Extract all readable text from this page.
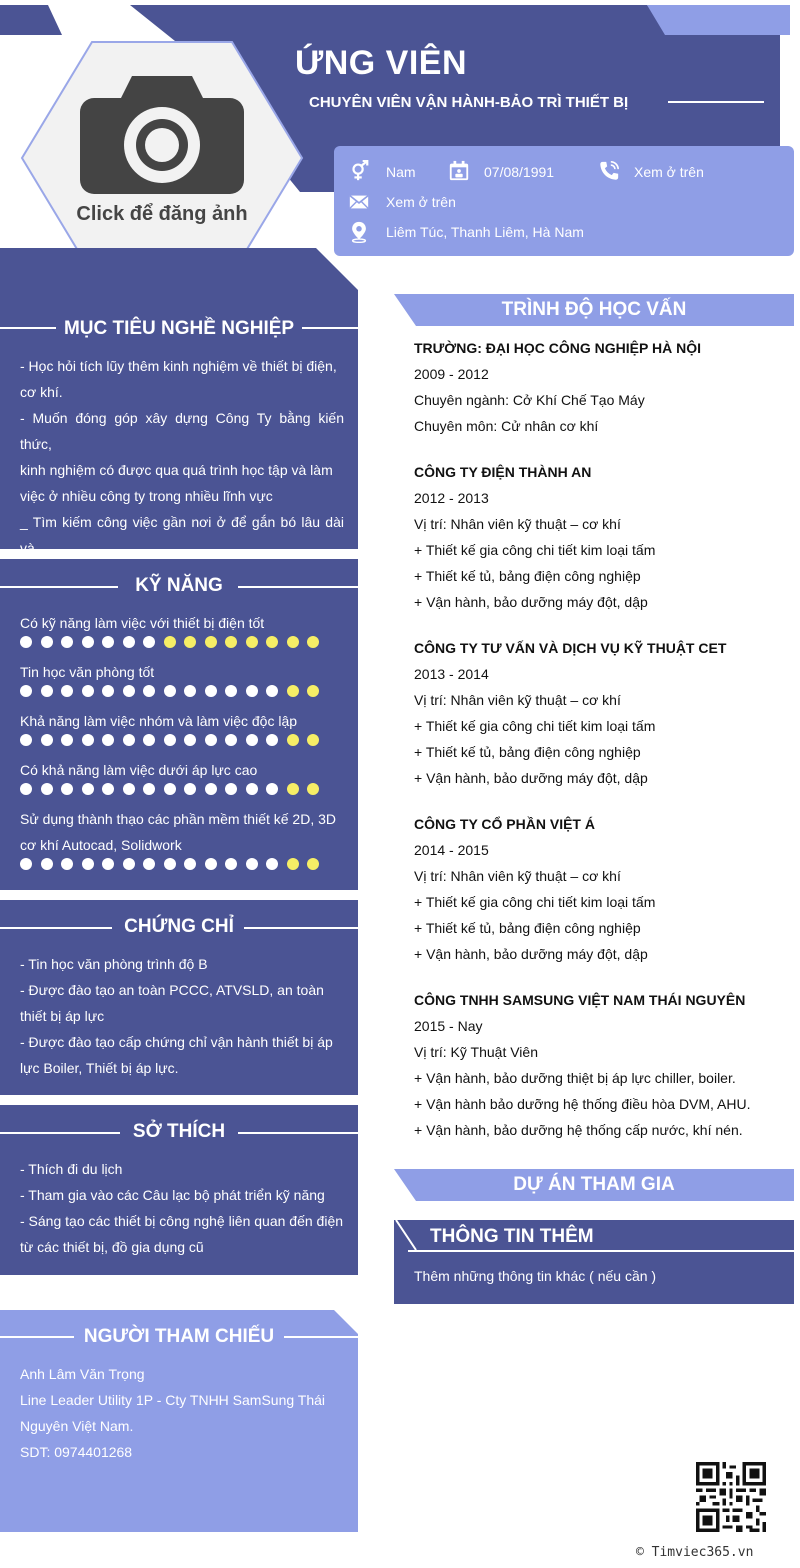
ỨNG VIÊN
CHUYÊN VIÊN VẬN HÀNH-BẢO TRÌ THIẾT BỊ
Nam	07/08/1991	Xem ở trên
Xem ở trên
Liêm Túc, Thanh Liêm, Hà Nam
Click để đăng ảnh
MỤC TIÊU NGHỀ NGHIỆP
- Học hỏi tích lũy thêm kinh nghiệm về thiết bị điện,
cơ khí.
- Muốn đóng góp xây dựng Công Ty bằng kiến thức,
kinh nghiệm có được qua quá trình học tập và làm
việc ở nhiều công ty trong nhiều lĩnh vực
_ Tìm kiếm công việc gần nơi ở để gắn bó lâu dài và
KỸ NĂNG
Có kỹ năng làm việc với thiết bị điện tốt
Tin học văn phòng tốt
Khả năng làm việc nhóm và làm việc độc lập
Có khả năng làm việc dưới áp lực cao
Sử dụng thành thạo các phần mềm thiết kế 2D, 3D
cơ khí Autocad, Solidwork
CHỨNG CHỈ
- Tin học văn phòng trình độ B
- Được đào tạo an toàn PCCC, ATVSLD, an toàn
thiết bị áp lực
- Được đào tạo cấp chứng chỉ vận hành thiết bị áp
lực Boiler, Thiết bị áp lực.
SỞ THÍCH
- Thích đi du lịch
- Tham gia vào các Câu lạc bộ phát triển kỹ năng
- Sáng tạo các thiết bị công nghệ liên quan đến điện
từ các thiết bị, đồ gia dụng cũ
NGƯỜI THAM CHIẾU
Anh Lâm Văn Trọng
Line Leader Utility 1P - Cty TNHH SamSung Thái
Nguyên Việt Nam.
SDT: 0974401268
TRÌNH ĐỘ HỌC VẤN
TRƯỜNG: ĐẠI HỌC CÔNG NGHIỆP HÀ NỘI
2009 - 2012
Chuyên ngành: Cở Khí Chế Tạo Máy
Chuyên môn: Cử nhân cơ khí
CÔNG TY ĐIỆN THÀNH AN
2012 - 2013
Vị trí: Nhân viên kỹ thuật – cơ khí
+ Thiết kế gia công chi tiết kim loại tấm
+ Thiết kế tủ, bảng điện công nghiệp
+ Vận hành, bảo dưỡng máy đột, dập
CÔNG TY TƯ VẤN VÀ DỊCH VỤ KỸ THUẬT CET
2013 - 2014
Vị trí: Nhân viên kỹ thuật – cơ khí
+ Thiết kế gia công chi tiết kim loại tấm
+ Thiết kế tủ, bảng điện công nghiệp
+ Vận hành, bảo dưỡng máy đột, dập
CÔNG TY CỔ PHẦN VIỆT Á
2014 - 2015
Vị trí: Nhân viên kỹ thuật – cơ khí
+ Thiết kế gia công chi tiết kim loại tấm
+ Thiết kế tủ, bảng điện công nghiệp
+ Vận hành, bảo dưỡng máy đột, dập
CÔNG TNHH SAMSUNG VIỆT NAM THÁI NGUYÊN
2015 - Nay
Vị trí: Kỹ Thuật Viên
+ Vận hành, bảo dưỡng thiệt bị áp lực chiller, boiler.
+ Vận hành bảo dưỡng hệ thống điều hòa DVM, AHU.
+ Vận hành, bảo dưỡng hệ thống cấp nước, khí nén.
DỰ ÁN THAM GIA
THÔNG TIN THÊM
Thêm những thông tin khác ( nếu cần )
© Timviec365.vn
